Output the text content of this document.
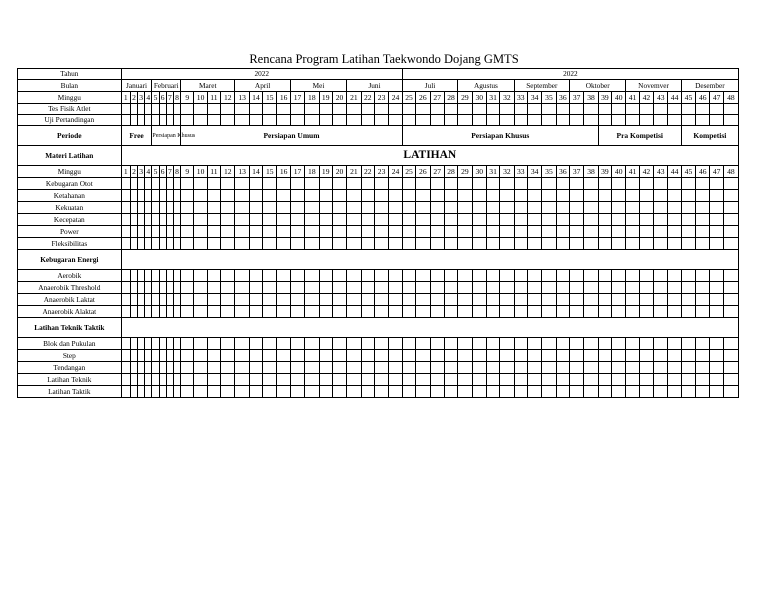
Rencana Program Latihan Taekwondo Dojang GMTS
Tahun	2022																								2022																							
Bulan	Januari				Februari				Maret				April				Mei				Juni				Juli				Agustus				September				Oktober				Novemver				Desember			
Minggu	1	2	3	4	5	6	7	8	9	10	11	12	13	14	15	16	17	18	19	20	21	22	23	24	25	26	27	28	29	30	31	32	33	34	35	36	37	38	39	40	41	42	43	44	45	46	47	48
Tes Fisik Atlet																																																
Uji Pertandingan																																																
Periode	Free				Persiapan Khusus				Persiapan Umum																Persiapan Khusus														Pra Kompetisi						Kompetisi			
Materi Latihan	LATIHAN																																															
Minggu	1	2	3	4	5	6	7	8	9	10	11	12	13	14	15	16	17	18	19	20	21	22	23	24	25	26	27	28	29	30	31	32	33	34	35	36	37	38	39	40	41	42	43	44	45	46	47	48
Kebugaran Otot																																																
Ketahanan																																																
Kekuatan																																																
Kecepatan																																																
Power																																																
Fleksibilitas																																																
Kebugaran Energi																																																
Aerobik																																																
Anaerobik Threshold																																																
Anaerobik Laktat																																																
Anaerobik Alaktat																																																
Latihan Teknik Taktik																																																
Blok dan Pukulan																																																
Step																																																
Tendangan																																																
Latihan Teknik																																																
Latihan Taktik																																																
